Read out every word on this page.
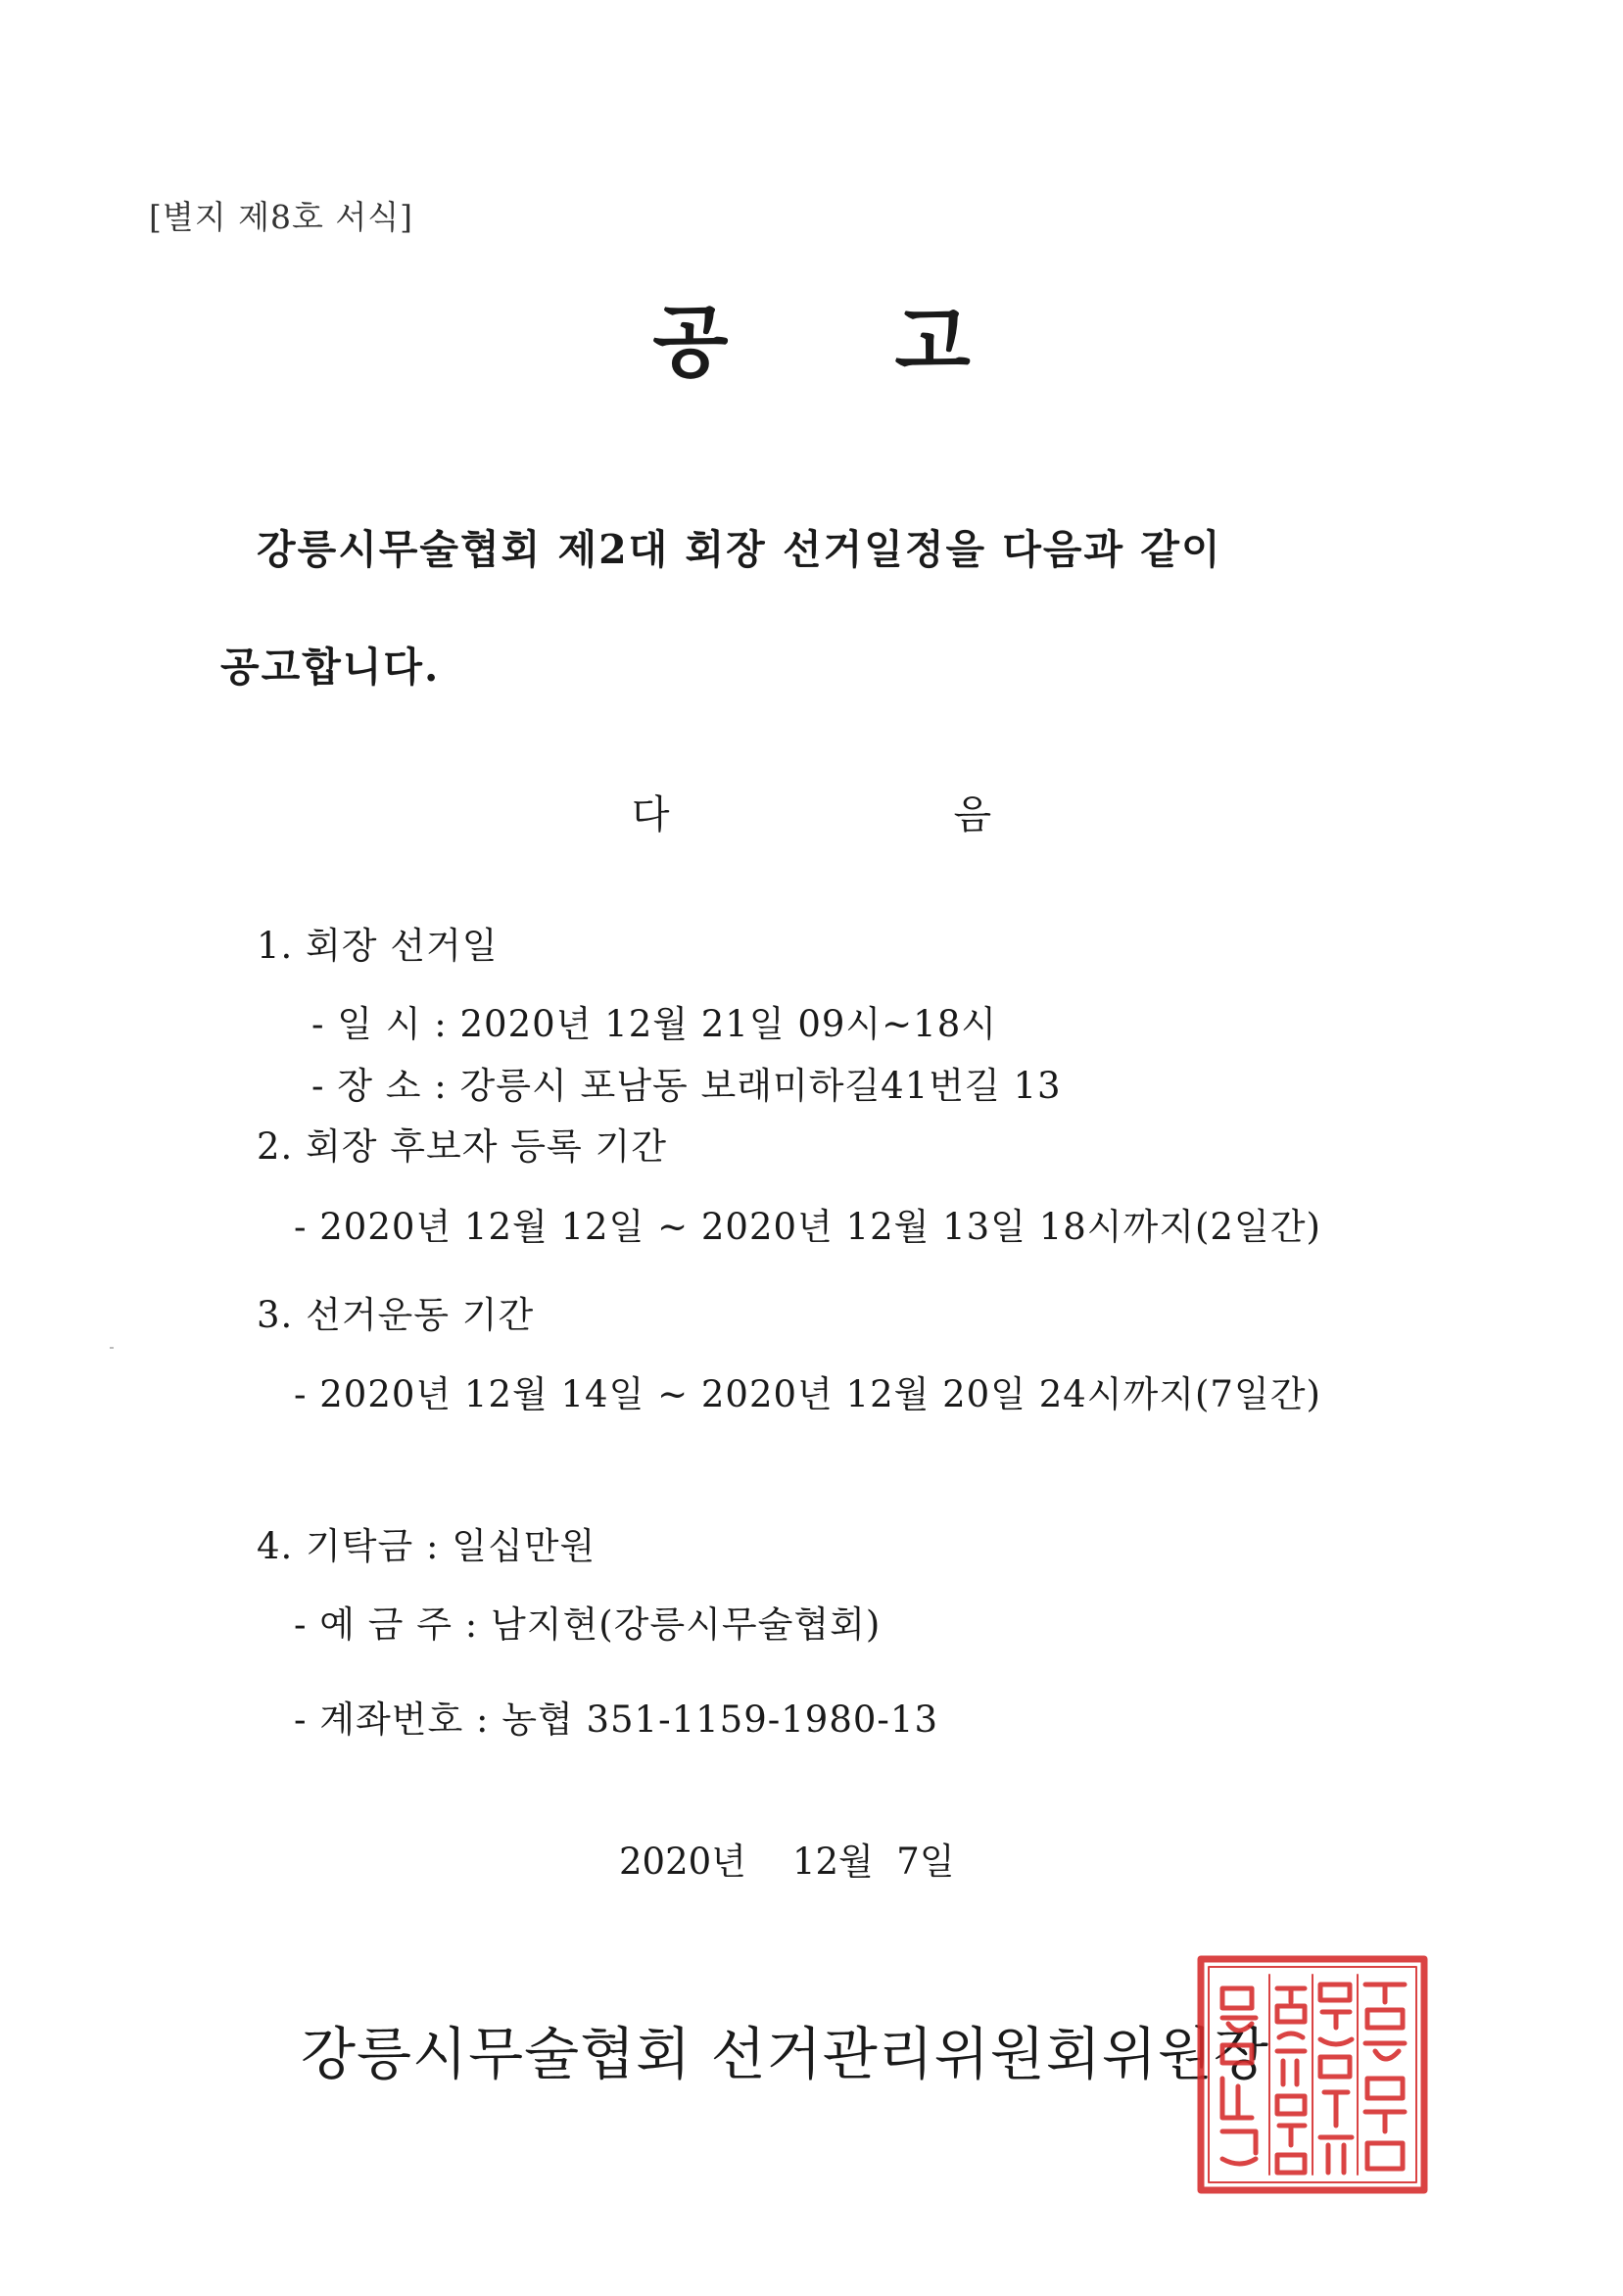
[별지 제8호 서식]
공 고
강릉시무술협회 제2대 회장 선거일정을 다음과 같이
공고합니다.
다	음
1. 회장 선거일
- 일 시 : 2020년 12월 21일 09시~18시
- 장 소 : 강릉시 포남동 보래미하길41번길 13
2. 회장 후보자 등록 기간
- 2020년 12월 12일 ~ 2020년 12월 13일 18시까지(2일간)
3. 선거운동 기간
- 2020년 12월 14일 ~ 2020년 12월 20일 24시까지(7일간)
4. 기탁금 : 일십만원
- 예 금 주 : 남지현(강릉시무술협회)
- 계좌번호 : 농협 351-1159-1980-13
2020년    12월  7일
강릉시무술협회 선거관리위원회위원장
